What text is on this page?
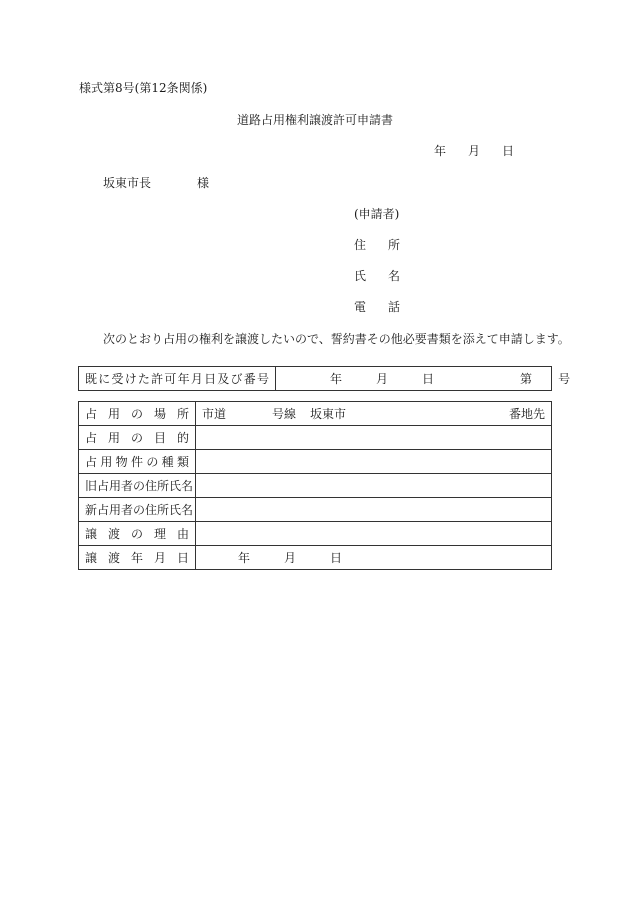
様式第8号(第12条関係)
道路占用権利譲渡許可申請書
年 月 日
坂東市長	様
(申請者)
住 所
氏 名
電 話
次のとおり占用の権利を譲渡したいので、誓約書その他必要書類を添えて申請します。
既に受けた許可年月日及び番号	年	月	日	第 号
占用の場所	市道 号線 坂東市 番地先

占用の目的	

占用物件の種類	

旧占用者の住所氏名	

新占用者の住所氏名	

譲渡の理由	

譲渡年月日	年 月 日
